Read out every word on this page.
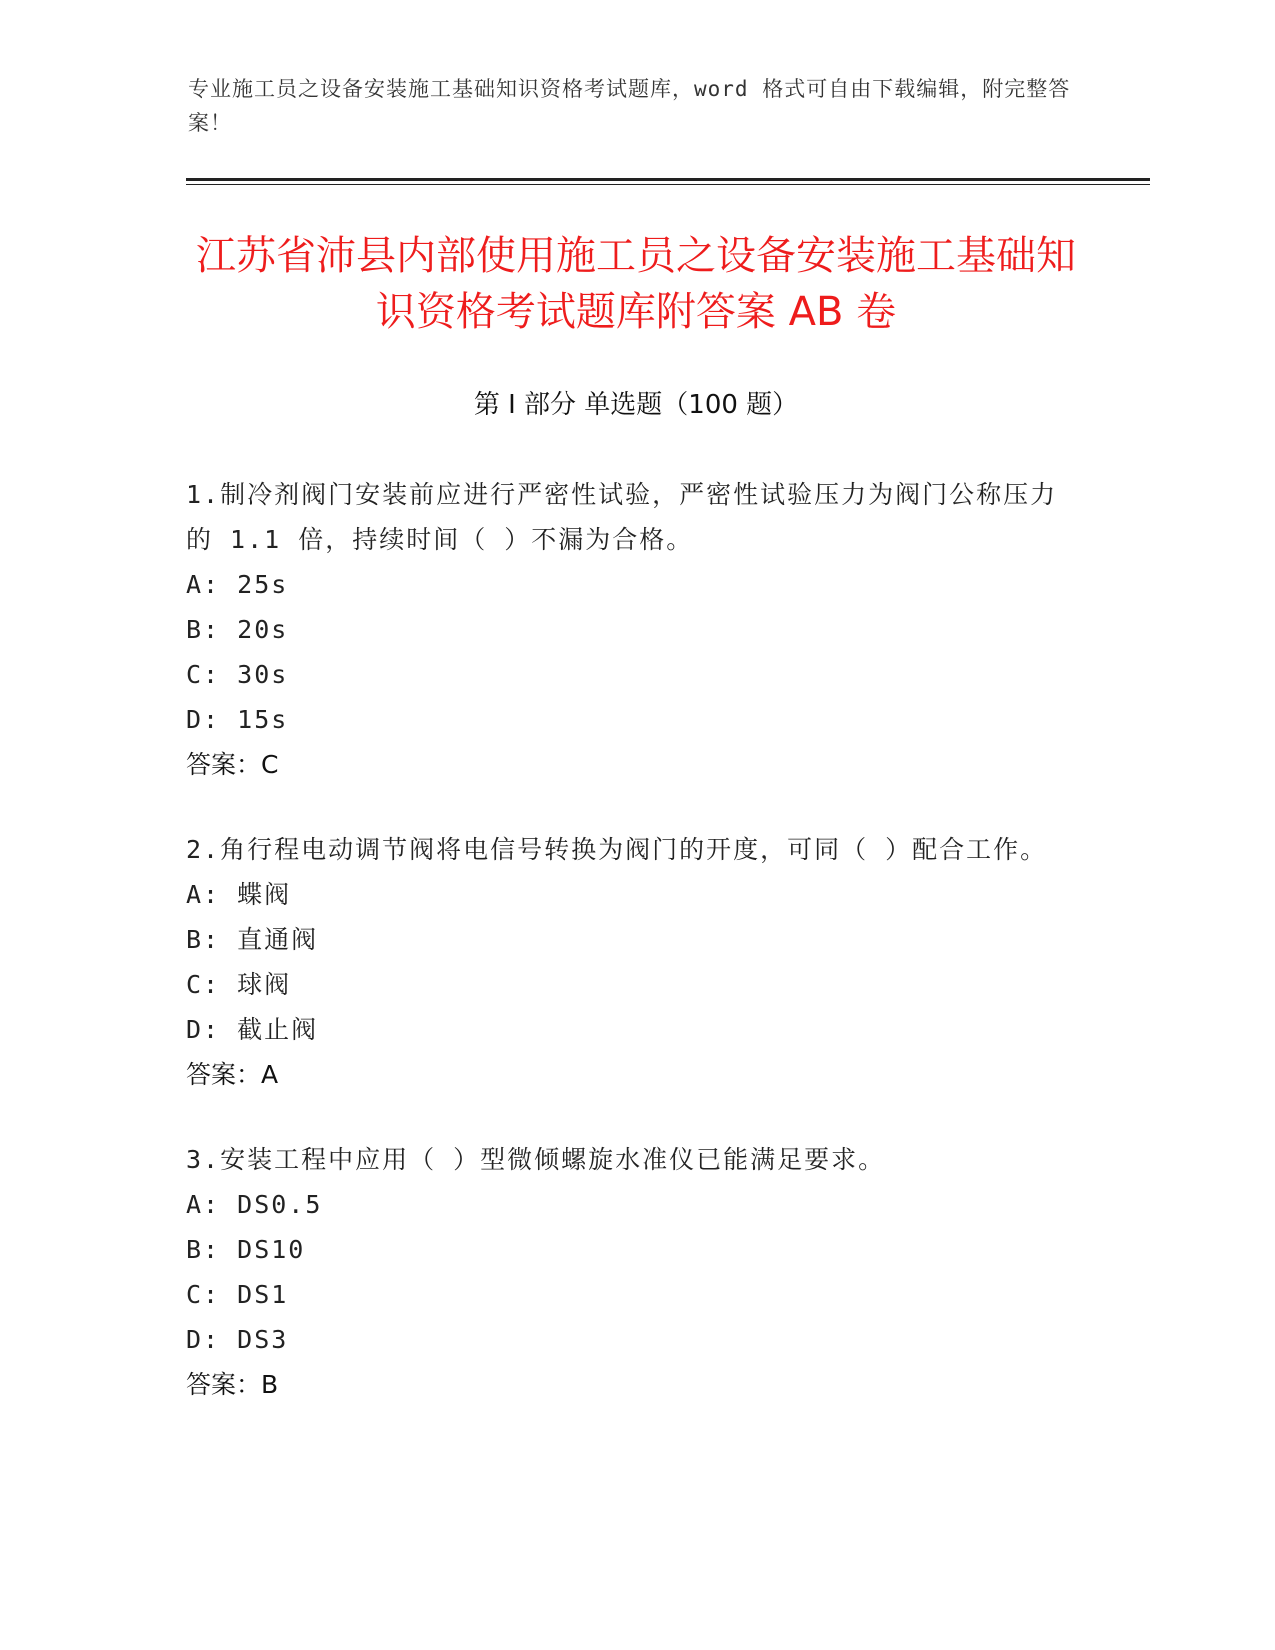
专业施工员之设备安装施工基础知识资格考试题库，word 格式可自由下载编辑，附完整答案！
江苏省沛县内部使用施工员之设备安装施工基础知识资格考试题库附答案 AB 卷
第 I 部分 单选题（100 题）
1.制冷剂阀门安装前应进行严密性试验，严密性试验压力为阀门公称压力的 1.1 倍，持续时间（ ）不漏为合格。
A: 25s
B: 20s
C: 30s
D: 15s
答案：C
2.角行程电动调节阀将电信号转换为阀门的开度，可同（ ）配合工作。
A: 蝶阀
B: 直通阀
C: 球阀
D: 截止阀
答案：A
3.安装工程中应用（ ）型微倾螺旋水准仪已能满足要求。
A: DS0.5
B: DS10
C: DS1
D: DS3
答案：B
